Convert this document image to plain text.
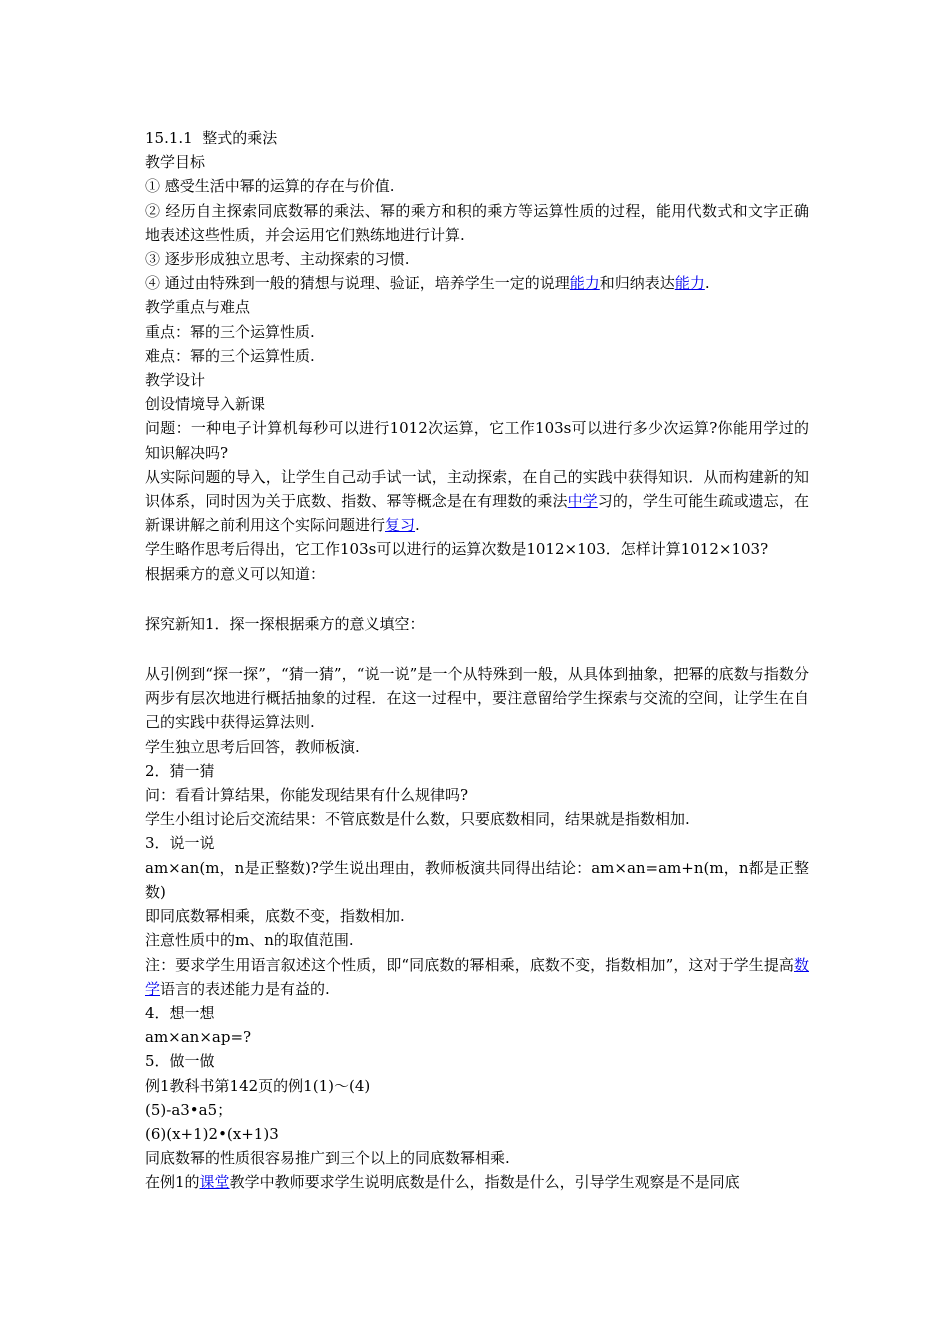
15.1.1  整式的乘法
教学目标
① 感受生活中幂的运算的存在与价值.
② 经历自主探索同底数幂的乘法、幂的乘方和积的乘方等运算性质的过程，能用代数式和文字正确地表述这些性质，并会运用它们熟练地进行计算.
③ 逐步形成独立思考、主动探索的习惯.
④ 通过由特殊到一般的猜想与说理、验证，培养学生一定的说理能力和归纳表达能力.
教学重点与难点
重点：幂的三个运算性质.
难点：幂的三个运算性质.
教学设计
创设情境导入新课
问题：一种电子计算机每秒可以进行1012次运算，它工作103s可以进行多少次运算?你能用学过的知识解决吗?
从实际问题的导入，让学生自己动手试一试，主动探索，在自己的实践中获得知识．从而构建新的知识体系，同时因为关于底数、指数、幂等概念是在有理数的乘法中学习的，学生可能生疏或遗忘，在新课讲解之前利用这个实际问题进行复习.
学生略作思考后得出，它工作103s可以进行的运算次数是1012×103．怎样计算1012×103?
根据乘方的意义可以知道：
探究新知1．探一探根据乘方的意义填空：
从引例到“探一探”，“猜一猜”，“说一说”是一个从特殊到一般，从具体到抽象，把幂的底数与指数分两步有层次地进行概括抽象的过程．在这一过程中，要注意留给学生探索与交流的空间，让学生在自己的实践中获得运算法则.
学生独立思考后回答，教师板演.
2．猜一猜
问：看看计算结果，你能发现结果有什么规律吗?
学生小组讨论后交流结果：不管底数是什么数，只要底数相同，结果就是指数相加.
3．说一说
am×an(m，n是正整数)?学生说出理由，教师板演共同得出结论：am×an=am+n(m，n都是正整数)
即同底数幂相乘，底数不变，指数相加.
注意性质中的m、n的取值范围.
注：要求学生用语言叙述这个性质，即“同底数的幂相乘，底数不变，指数相加”，这对于学生提高数学语言的表述能力是有益的.
4．想一想
am×an×ap=?
5．做一做
例1教科书第142页的例1(1)～(4)
(5)-a3•a5；
(6)(x+1)2•(x+1)3
同底数幂的性质很容易推广到三个以上的同底数幂相乘.
在例1的课堂教学中教师要求学生说明底数是什么，指数是什么，引导学生观察是不是同底
